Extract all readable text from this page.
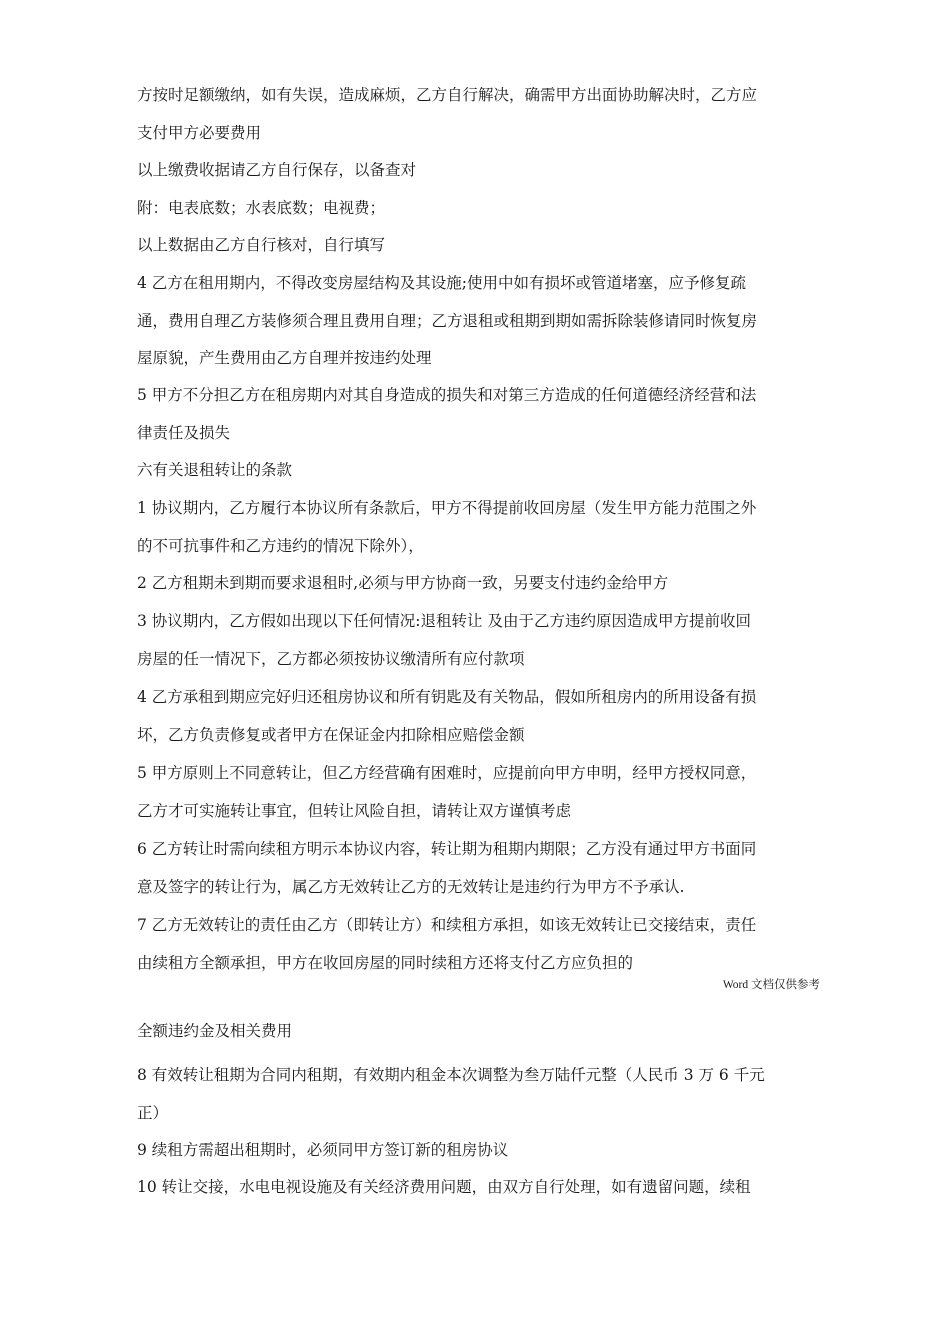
方按时足额缴纳，如有失误，造成麻烦，乙方自行解决，确需甲方出面协助解决时，乙方应
支付甲方必要费用
以上缴费收据请乙方自行保存，以备查对
附：电表底数；水表底数；电视费；
以上数据由乙方自行核对，自行填写
4 乙方在租用期内，不得改变房屋结构及其设施;使用中如有损坏或管道堵塞，应予修复疏
通，费用自理乙方装修须合理且费用自理；乙方退租或租期到期如需拆除装修请同时恢复房
屋原貌，产生费用由乙方自理并按违约处理
5 甲方不分担乙方在租房期内对其自身造成的损失和对第三方造成的任何道德经济经营和法
律责任及损失
六有关退租转让的条款
1 协议期内，乙方履行本协议所有条款后，甲方不得提前收回房屋（发生甲方能力范围之外
的不可抗事件和乙方违约的情况下除外），
2 乙方租期未到期而要求退租时,必须与甲方协商一致，另要支付违约金给甲方
3 协议期内，乙方假如出现以下任何情况:退租转让 及由于乙方违约原因造成甲方提前收回
房屋的任一情况下，乙方都必须按协议缴清所有应付款项
4 乙方承租到期应完好归还租房协议和所有钥匙及有关物品，假如所租房内的所用设备有损
坏，乙方负责修复或者甲方在保证金内扣除相应赔偿金额
5 甲方原则上不同意转让，但乙方经营确有困难时，应提前向甲方申明，经甲方授权同意，
乙方才可实施转让事宜，但转让风险自担，请转让双方谨慎考虑
6 乙方转让时需向续租方明示本协议内容，转让期为租期内期限；乙方没有通过甲方书面同
意及签字的转让行为，属乙方无效转让乙方的无效转让是违约行为甲方不予承认.
7 乙方无效转让的责任由乙方（即转让方）和续租方承担，如该无效转让已交接结束，责任
由续租方全额承担，甲方在收回房屋的同时续租方还将支付乙方应负担的
Word 文档仅供参考
全额违约金及相关费用
8 有效转让租期为合同内租期，有效期内租金本次调整为叁万陆仟元整（人民币 3 万 6 千元
正）
9 续租方需超出租期时，必须同甲方签订新的租房协议
10 转让交接，水电电视设施及有关经济费用问题，由双方自行处理，如有遗留问题，续租
